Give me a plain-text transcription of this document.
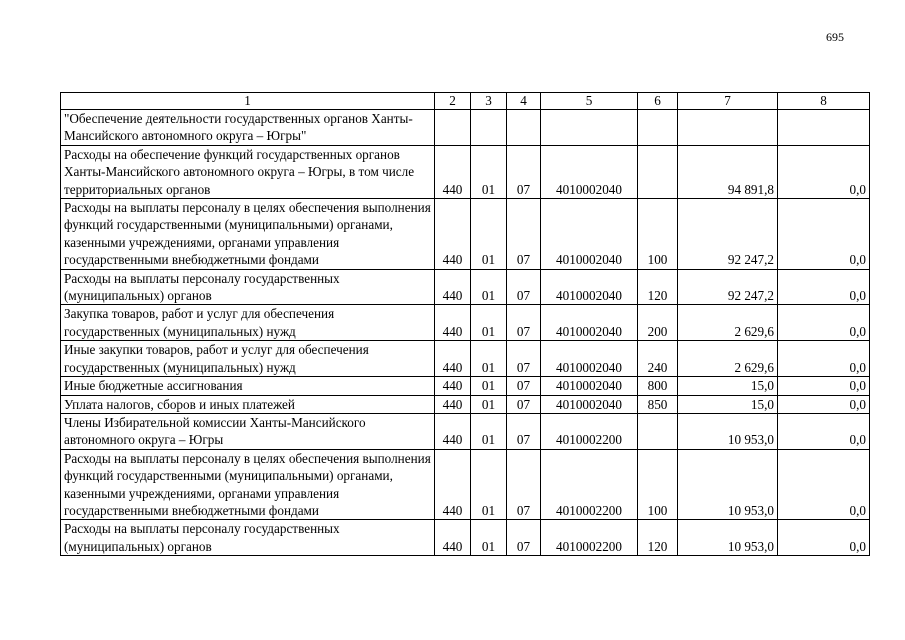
695
1	2	3	4	5	6	7	8
"Обеспечение деятельности государственных органов Ханты-Мансийского автономного округа – Югры"							
Расходы на обеспечение функций государственных органов Ханты-Мансийского автономного округа – Югры, в том числе территориальных органов	440	01	07	4010002040		94 891,8	0,0
Расходы на выплаты персоналу в целях обеспечения выполнения функций государственными (муниципальными) органами, казенными учреждениями, органами управления государственными внебюджетными фондами	440	01	07	4010002040	100	92 247,2	0,0
Расходы на выплаты персоналу государственных (муниципальных) органов	440	01	07	4010002040	120	92 247,2	0,0
Закупка товаров, работ и услуг для обеспечения государственных (муниципальных) нужд	440	01	07	4010002040	200	2 629,6	0,0
Иные закупки товаров, работ и услуг для обеспечения государственных (муниципальных) нужд	440	01	07	4010002040	240	2 629,6	0,0
Иные бюджетные ассигнования	440	01	07	4010002040	800	15,0	0,0
Уплата налогов, сборов и иных платежей	440	01	07	4010002040	850	15,0	0,0
Члены Избирательной комиссии Ханты-Мансийского автономного округа – Югры	440	01	07	4010002200		10 953,0	0,0
Расходы на выплаты персоналу в целях обеспечения выполнения функций государственными (муниципальными) органами, казенными учреждениями, органами управления государственными внебюджетными фондами	440	01	07	4010002200	100	10 953,0	0,0
Расходы на выплаты персоналу государственных (муниципальных) органов	440	01	07	4010002200	120	10 953,0	0,0
